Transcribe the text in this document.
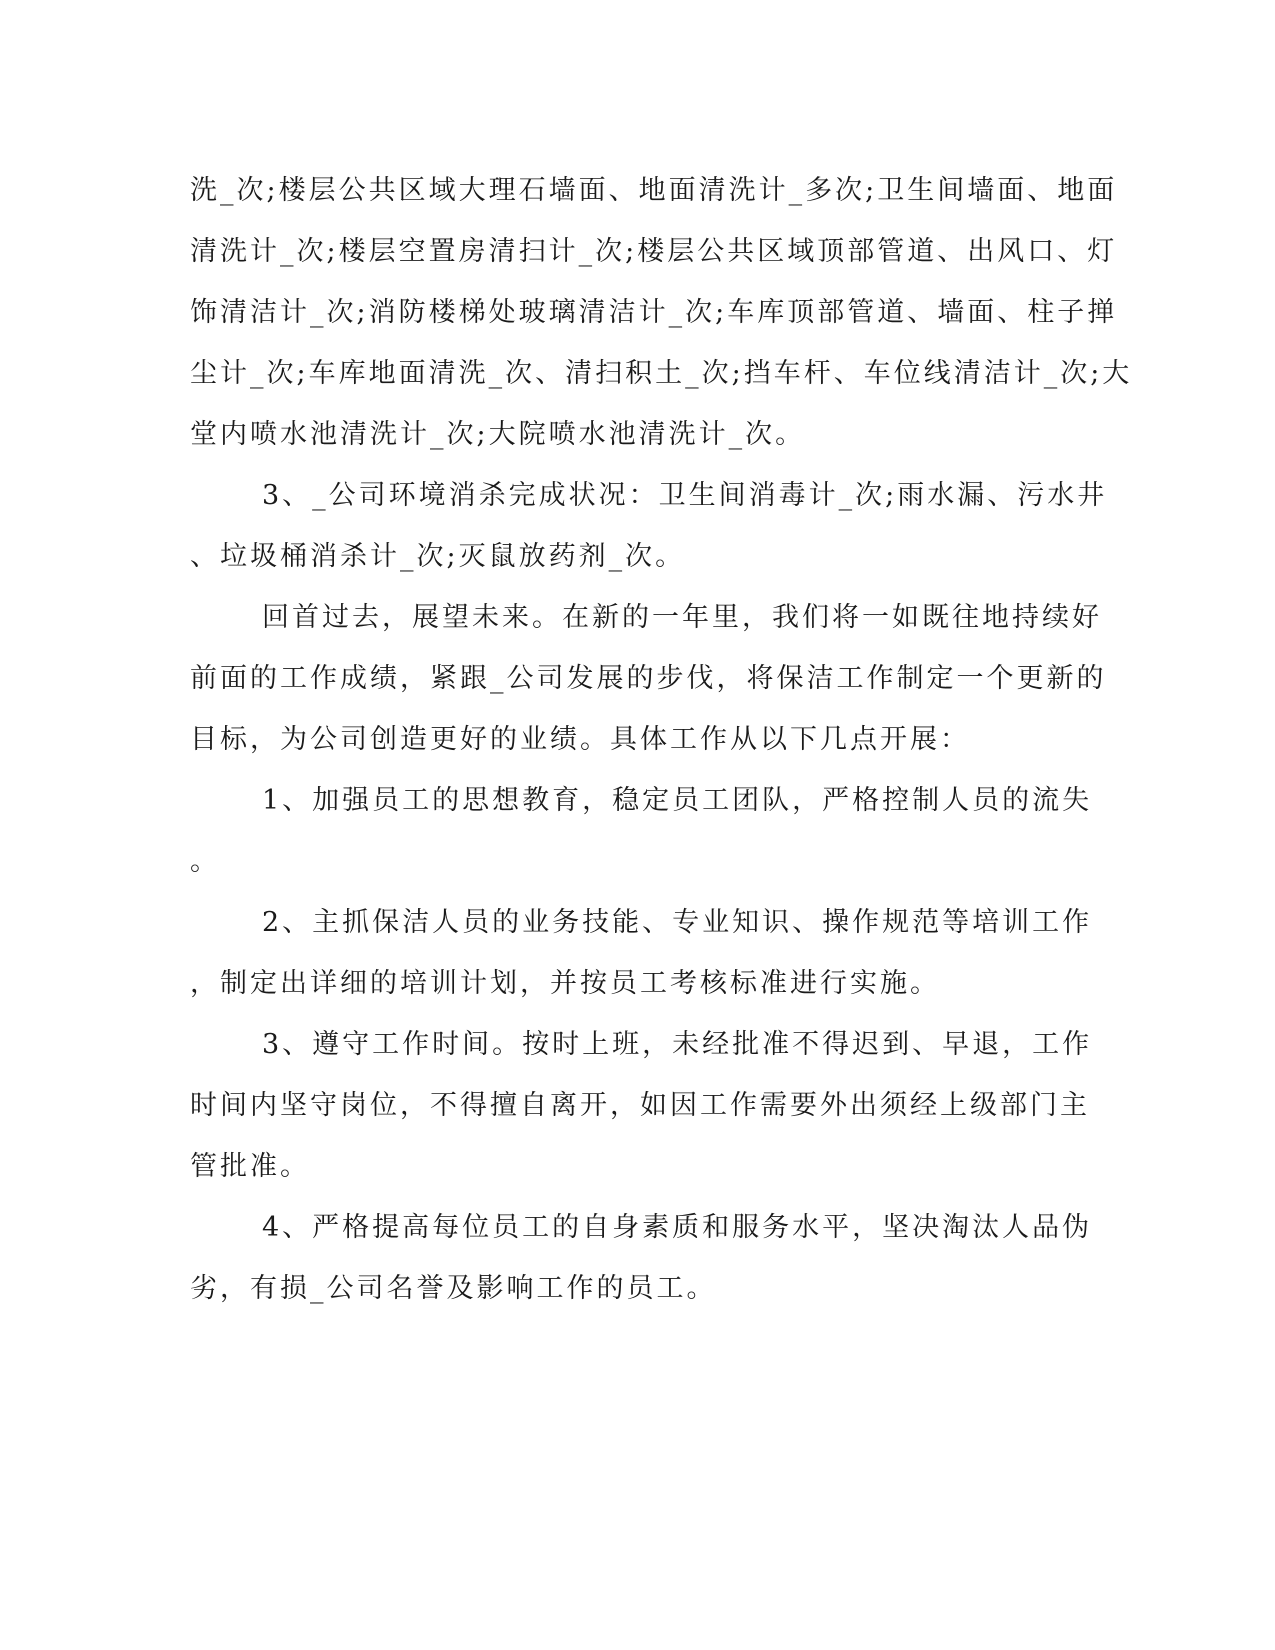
洗_次;楼层公共区域大理石墙面、地面清洗计_多次;卫生间墙面、地面
清洗计_次;楼层空置房清扫计_次;楼层公共区域顶部管道、出风口、灯
饰清洁计_次;消防楼梯处玻璃清洁计_次;车库顶部管道、墙面、柱子掸
尘计_次;车库地面清洗_次、清扫积土_次;挡车杆、车位线清洁计_次;大
堂内喷水池清洗计_次;大院喷水池清洗计_次。
3、_公司环境消杀完成状况：卫生间消毒计_次;雨水漏、污水井
、垃圾桶消杀计_次;灭鼠放药剂_次。
回首过去，展望未来。在新的一年里，我们将一如既往地持续好
前面的工作成绩，紧跟_公司发展的步伐，将保洁工作制定一个更新的
目标，为公司创造更好的业绩。具体工作从以下几点开展：
1、加强员工的思想教育，稳定员工团队，严格控制人员的流失
。
2、主抓保洁人员的业务技能、专业知识、操作规范等培训工作
，制定出详细的培训计划，并按员工考核标准进行实施。
3、遵守工作时间。按时上班，未经批准不得迟到、早退，工作
时间内坚守岗位，不得擅自离开，如因工作需要外出须经上级部门主
管批准。
4、严格提高每位员工的自身素质和服务水平，坚决淘汰人品伪
劣，有损_公司名誉及影响工作的员工。
